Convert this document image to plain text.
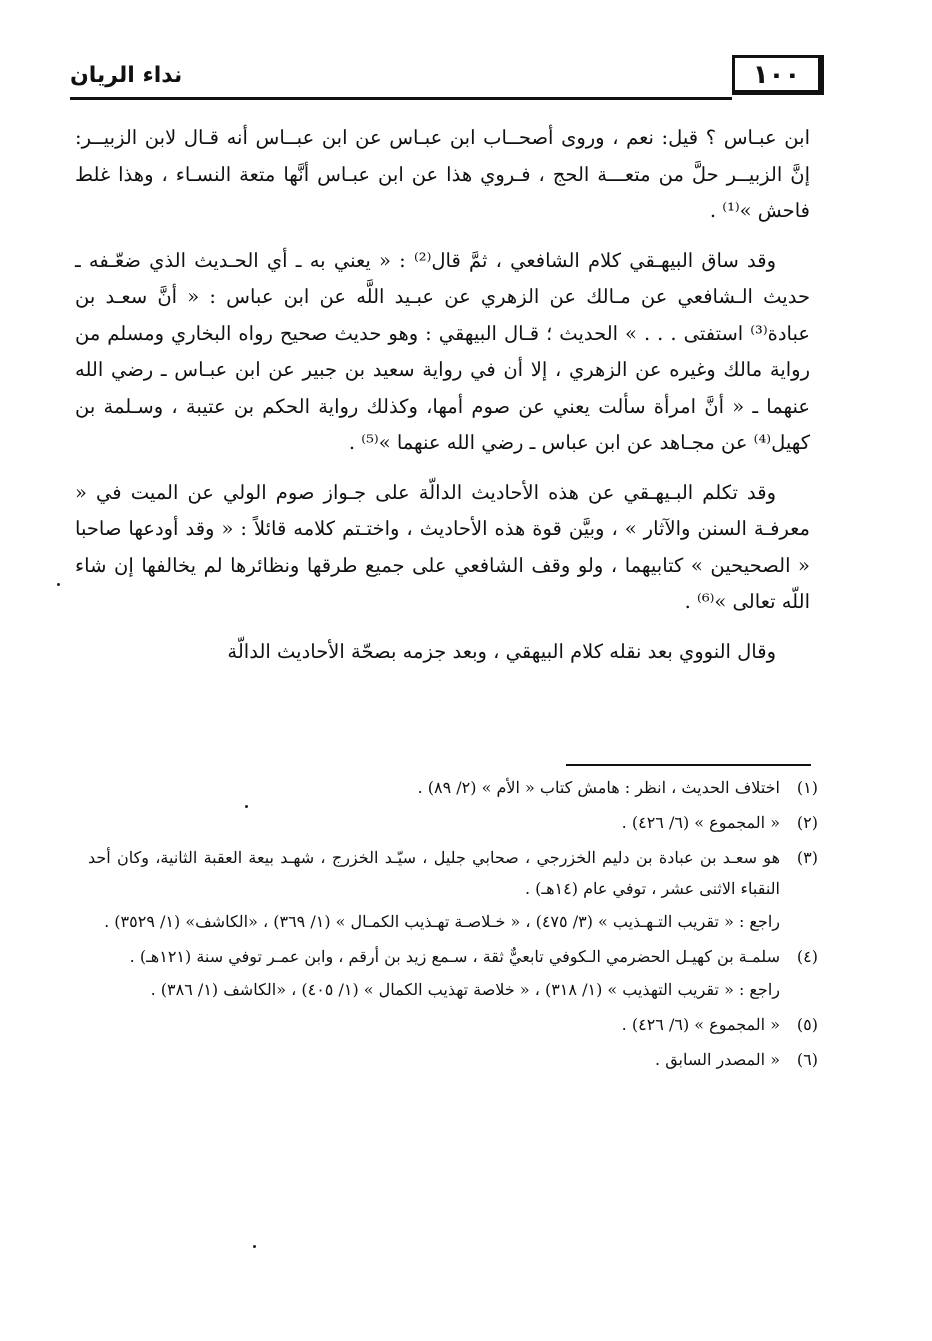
١٠٠
نداء الريان

ابن عبـاس ؟ قيل: نعم ، وروى أصحــاب ابن عبـاس عن ابن عبــاس أنه قـال لابن الزبيــر: إنَّ الزبيــر حلَّ من متعـــة الحج ، فـروي هذا عن ابن عبـاس أنَّها متعة النسـاء ، وهذا غلط فاحش »⁽¹⁾ .

وقد ساق البيهـقي كلام الشافعي ، ثمَّ قال⁽²⁾ : « يعني به ـ أي الحـديث الذي ضعّـفه ـ حديث الـشافعي عن مـالك عن الزهري عن عبـيد اللَّه عن ابن عباس : « أنَّ سعـد بن عبادة⁽³⁾ استفتى . . . » الحديث ؛ قـال البيهقي : وهو حديث صحيح رواه البخاري ومسلم من رواية مالك وغيره عن الزهري ، إلا أن في رواية سعيد بن جبير عن ابن عبـاس ـ رضي الله عنهما ـ « أنَّ امرأة سألت يعني عن صوم أمها، وكذلك رواية الحكم بن عتيبة ، وسـلمة بن كهيل⁽⁴⁾ عن مجـاهد عن ابن عباس ـ رضي الله عنهما »⁽⁵⁾ .

وقد تكلم البـيهـقي عن هذه الأحاديث الدالّة على جـواز صوم الولي عن الميت في « معرفـة السنن والآثار » ، وبيَّن قوة هذه الأحاديث ، واختـتم كلامه قائلاً : « وقد أودعها صاحبا « الصحيحين » كتابيهما ، ولو وقف الشافعي على جميع طرقها ونظائرها لم يخالفها إن شاء اللّه تعالى »⁽⁶⁾ .

وقال النووي بعد نقله كلام البيهقي ، وبعد جزمه بصحّة الأحاديث الدالّة

(١)
اختلاف الحديث ، انظر : هامش كتاب « الأم » (٢/ ٨٩) .

(٢)
« المجموع » (٦/ ٤٢٦) .

(٣)
هو سعـد بن عبادة بن دليم الخزرجي ، صحابي جليل ، سيّـد الخزرج ، شهـد بيعة العقبة الثانية، وكان أحد النقباء الاثنى عشر ، توفي عام (١٤هـ) .

راجع : « تقريب التـهـذيب » (٣/ ٤٧٥) ، « خـلاصـة تهـذيب الكمـال » (١/ ٣٦٩) ، «الكاشف» (١/ ٣٥٢٩) .

(٤)
سلمـة بن كهيـل الحضرمي الـكوفي تابعيٌّ ثقة ، سـمع زيد بن أرقم ، وابن عمـر توفي سنة (١٢١هـ) .

راجع : « تقريب التهذيب » (١/ ٣١٨) ، « خلاصة تهذيب الكمال » (١/ ٤٠٥) ، «الكاشف (١/ ٣٨٦) .

(٥)
« المجموع » (٦/ ٤٢٦) .

(٦)
« المصدر السابق .
